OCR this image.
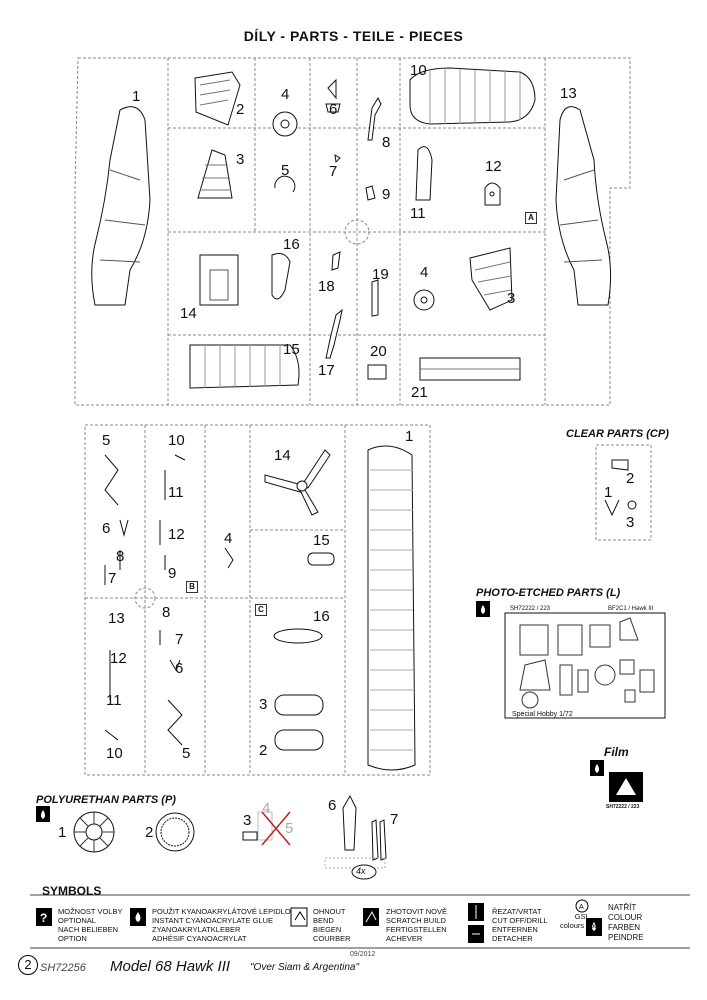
DÍLY - PARTS - TEILE - PIECES
?
A
A
B
C
1
2
3
4
5
6
7
8
9
10
11
12
13
14
15
16
17
18
19 4
20
21
3
5	10
11
6	12
8
7	9
4
13 8
7
12
6
11
10	5
14
1
15
16
3
2
CLEAR PARTS (CP)
2
1
3
PHOTO-ETCHED PARTS (L)
SH72222 / 223	BF2C1 / Hawk III
Special Hobby 1/72
Film
SH72222 / 223
POLYURETHAN PARTS (P)
1	2
3
4
5
6
7
4x
SYMBOLS
MOŽNOST VOLBY
OPTIONAL
NACH BELIEBEN
OPTION
POUŽIT KYANOAKRYLÁTOVÉ LEPIDLO
INSTANT CYANOACRYLATE GLUE
ZYANOAKRYLATKLEBER
ADHÉSIF CYANOACRYLAT
OHNOUT
BEND
BIEGEN
COURBER
ZHOTOVIT NOVĚ
SCRATCH BUILD
FERTIGSTELLEN
ACHEVER
ŘEZAT/VRTAT
CUT OFF/DRILL
ENTFERNEN
DETACHER
GSI
colours code
NATŘÍT
COLOUR
FARBEN
PEINDRE
2 SH72256 Model 68 Hawk III "Over Siam & Argentina"
09/2012
